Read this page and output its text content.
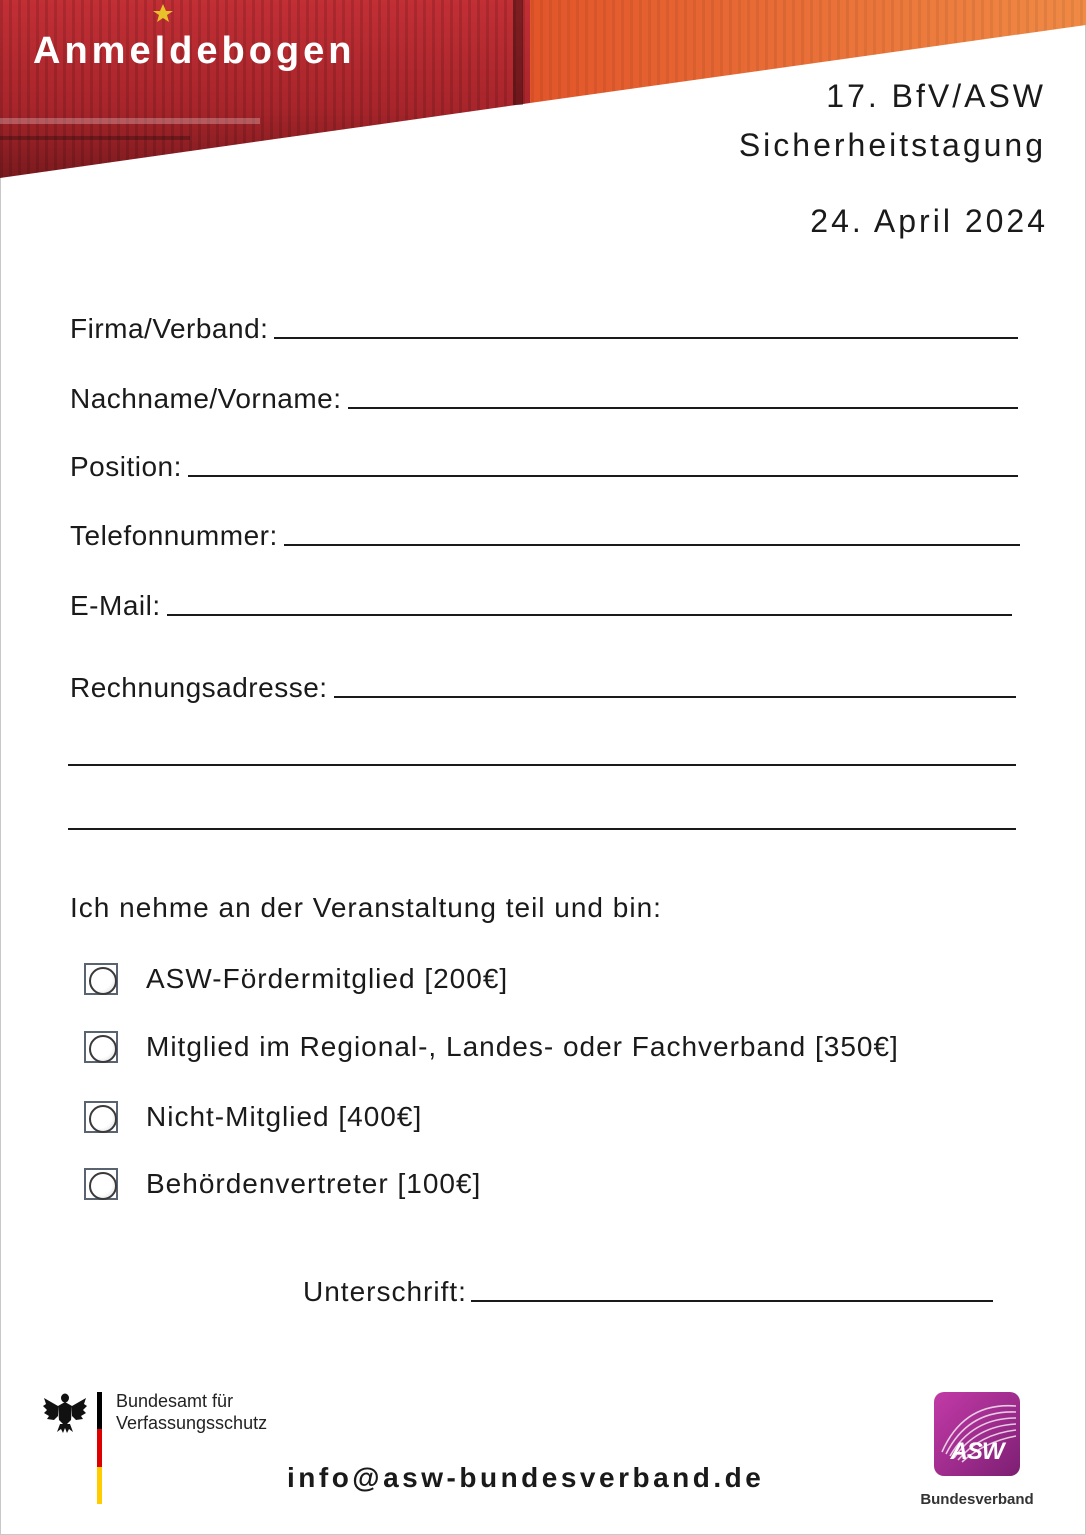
Anmeldebogen
17. BfV/ASW
Sicherheitstagung
24. April 2024
Firma/Verband:
Nachname/Vorname:
Position:
Telefonnummer:
E-Mail:
Rechnungsadresse:
Ich nehme an der Veranstaltung teil und bin:
ASW-Fördermitglied [200€]
Mitglied im Regional-, Landes- oder Fachverband [350€]
Nicht-Mitglied [400€]
Behördenvertreter [100€]
Unterschrift:
Bundesamt für
Verfassungsschutz
info@asw-bundesverband.de
ASW
Bundesverband
